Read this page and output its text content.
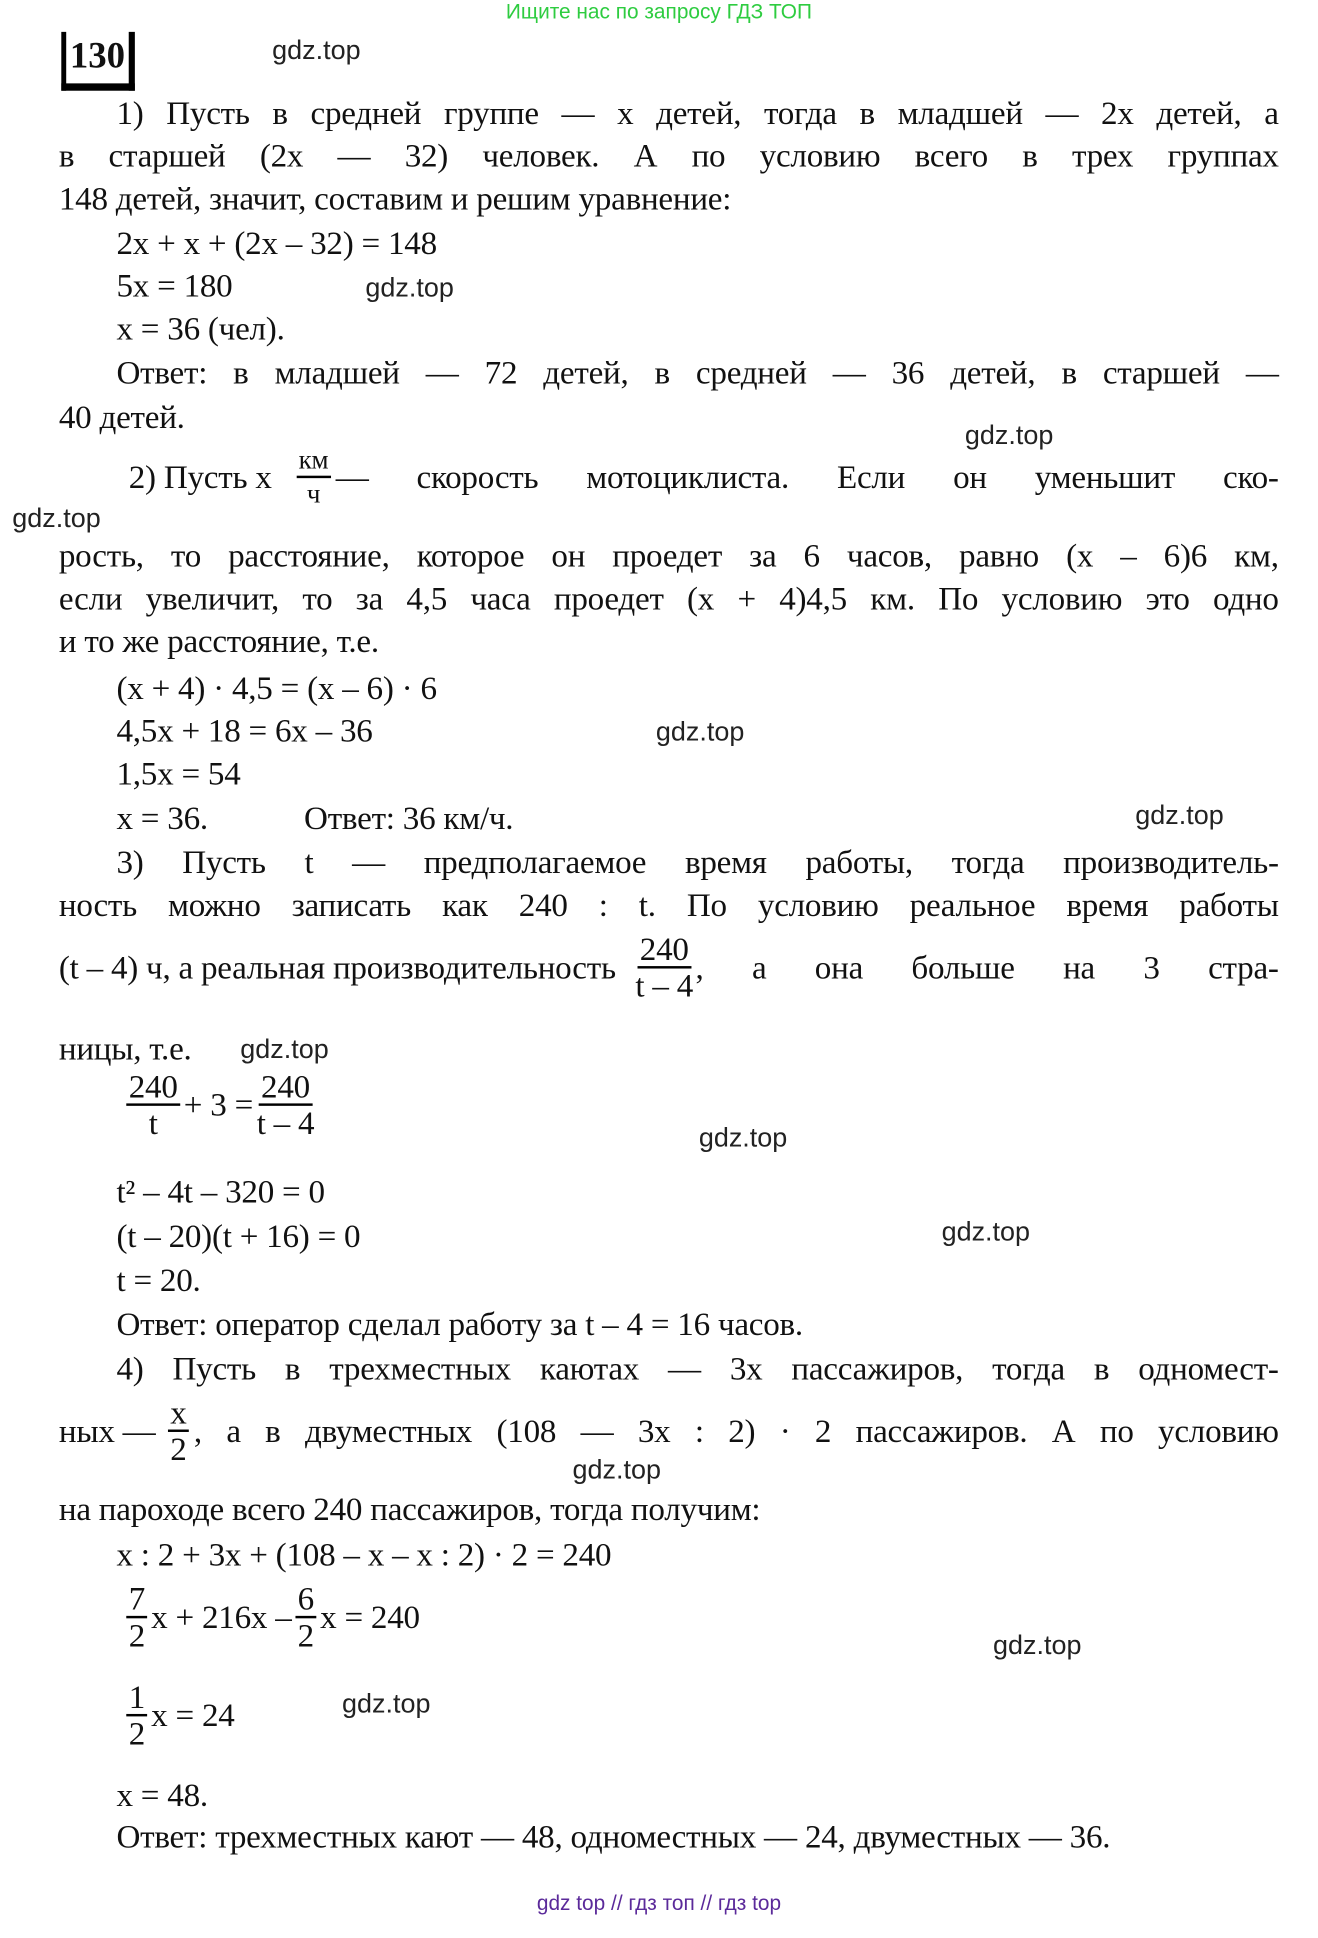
Ищите нас по запросу ГДЗ ТОП
130	gdz.top
gdz.top
gdz.top
gdz.top
gdz.top
gdz.top
gdz.top
gdz.top
gdz.top
gdz.top
gdz.top
gdz.top
1) Пусть в средней группе — x детей, тогда в младшей — 2x детей, а
в старшей (2x — 32) человек. А по условию всего в трех группах
148 детей, значит, составим и решим уравнение:
2x + x + (2x – 32) = 148
5x = 180
x = 36 (чел).
Ответ: в младшей — 72 детей, в средней — 36 детей, в старшей —
40 детей.
2) Пусть x км
ч — скорость мотоциклиста. Если он уменьшит ско-
рость, то расстояние, которое он проедет за 6 часов, равно (x – 6)6 км,
если увеличит, то за 4,5 часа проедет (x + 4)4,5 км. По условию это одно
и то же расстояние, т.е.
(x + 4) · 4,5 = (x – 6) · 6
4,5x + 18 = 6x – 36
1,5x = 54
x = 36.	Ответ: 36 км/ч.
3) Пусть t — предполагаемое время работы, тогда производитель-
ность можно записать как 240 : t. По условию реальное время работы
(t – 4) ч, а реальная производительность $\frac{240}{t - 4}$ , а она больше на 3 стра-
ницы, т.е.
$\frac{240}{t} + 3 = \frac{240}{t - 4}$
t² – 4t – 320 = 0
(t – 20)(t + 16) = 0
t = 20.
Ответ: оператор сделал работу за t – 4 = 16 часов.
4) Пусть в трехместных каютах — 3x пассажиров, тогда в одномест-
ных — $\frac{x}{2}$ , а в двуместных (108 — 3x : 2) · 2 пассажиров. А по условию
на пароходе всего 240 пассажиров, тогда получим:
x : 2 + 3x + (108 – x – x : 2) · 2 = 240
$\frac{7}{2}$ $x + 216x - \frac{6}{2}$ x = 240
$\frac{1}{2}$ x = 24
x = 48.
Ответ: трехместных кают — 48, одноместных — 24, двуместных — 36.
gdz top // гдз топ // гдз top
